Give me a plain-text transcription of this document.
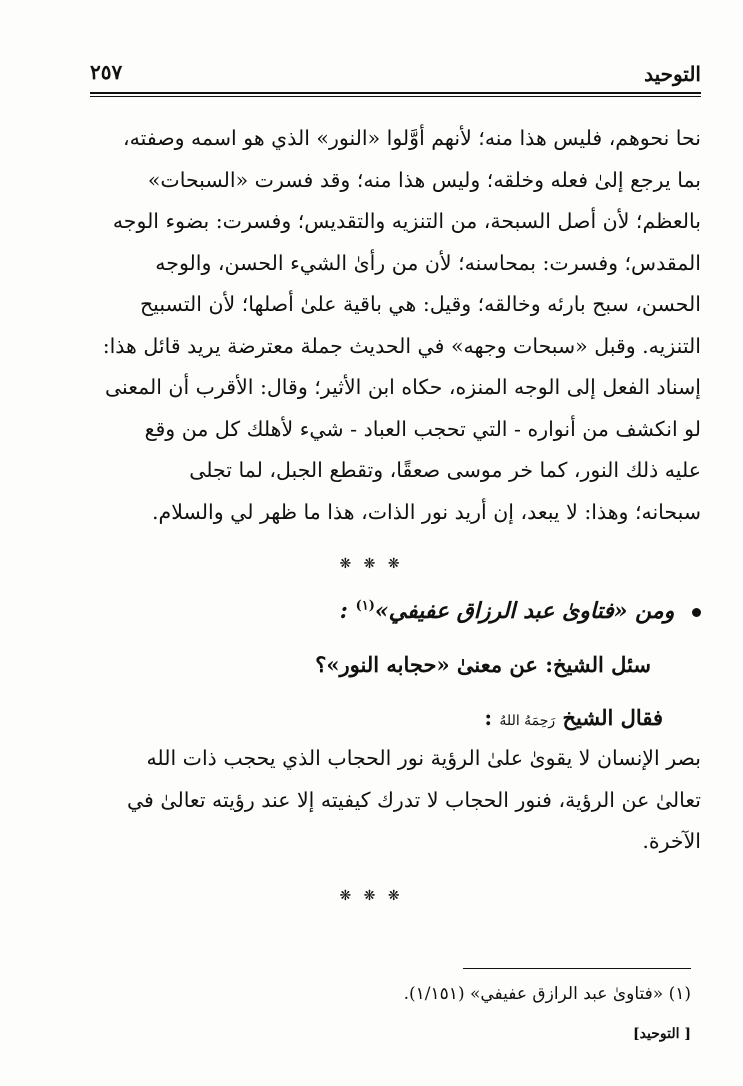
التوحيد
٢٥٧
نحا نحوهم، فليس هذا منه؛ لأنهم أوَّلوا «النور» الذي هو اسمه وصفته،
بما يرجع إلىٰ فعله وخلقه؛ وليس هذا منه؛ وقد فسرت «السبحات»
بالعظم؛ لأن أصل السبحة، من التنزيه والتقديس؛ وفسرت: بضوء الوجه
المقدس؛ وفسرت: بمحاسنه؛ لأن من رأىٰ الشيء الحسن، والوجه
الحسن، سبح بارئه وخالقه؛ وقيل: هي باقية علىٰ أصلها؛ لأن التسبيح
التنزيه. وقبل «سبحات وجهه» في الحديث جملة معترضة يريد قائل هذا:
إسناد الفعل إلى الوجه المنزه، حكاه ابن الأثير؛ وقال: الأقرب أن المعنى
لو انكشف من أنواره - التي تحجب العباد - شيء لأهلك كل من وقع
عليه ذلك النور، كما خر موسى صعقًا، وتقطع الجبل، لما تجلى
سبحانه؛ وهذا: لا يبعد، إن أريد نور الذات، هذا ما ظهر لي والسلام.
❋ ❋ ❋
ومن «فتاوىٰ عبد الرزاق عفيفي»$^{(١)}$ :
سئل الشيخ: عن معنىٰ «حجابه النور»؟
فقال الشيخ رَحِمَهُ اللهُ :
بصر الإنسان لا يقوىٰ علىٰ الرؤية نور الحجاب الذي يحجب ذات الله
تعالىٰ عن الرؤية، فنور الحجاب لا تدرك كيفيته إلا عند رؤيته تعالىٰ في
الآخرة.
❋ ❋ ❋
(١) «فتاوىٰ عبد الرازق عفيفي» (١/١٥١).
[ التوحيد]
